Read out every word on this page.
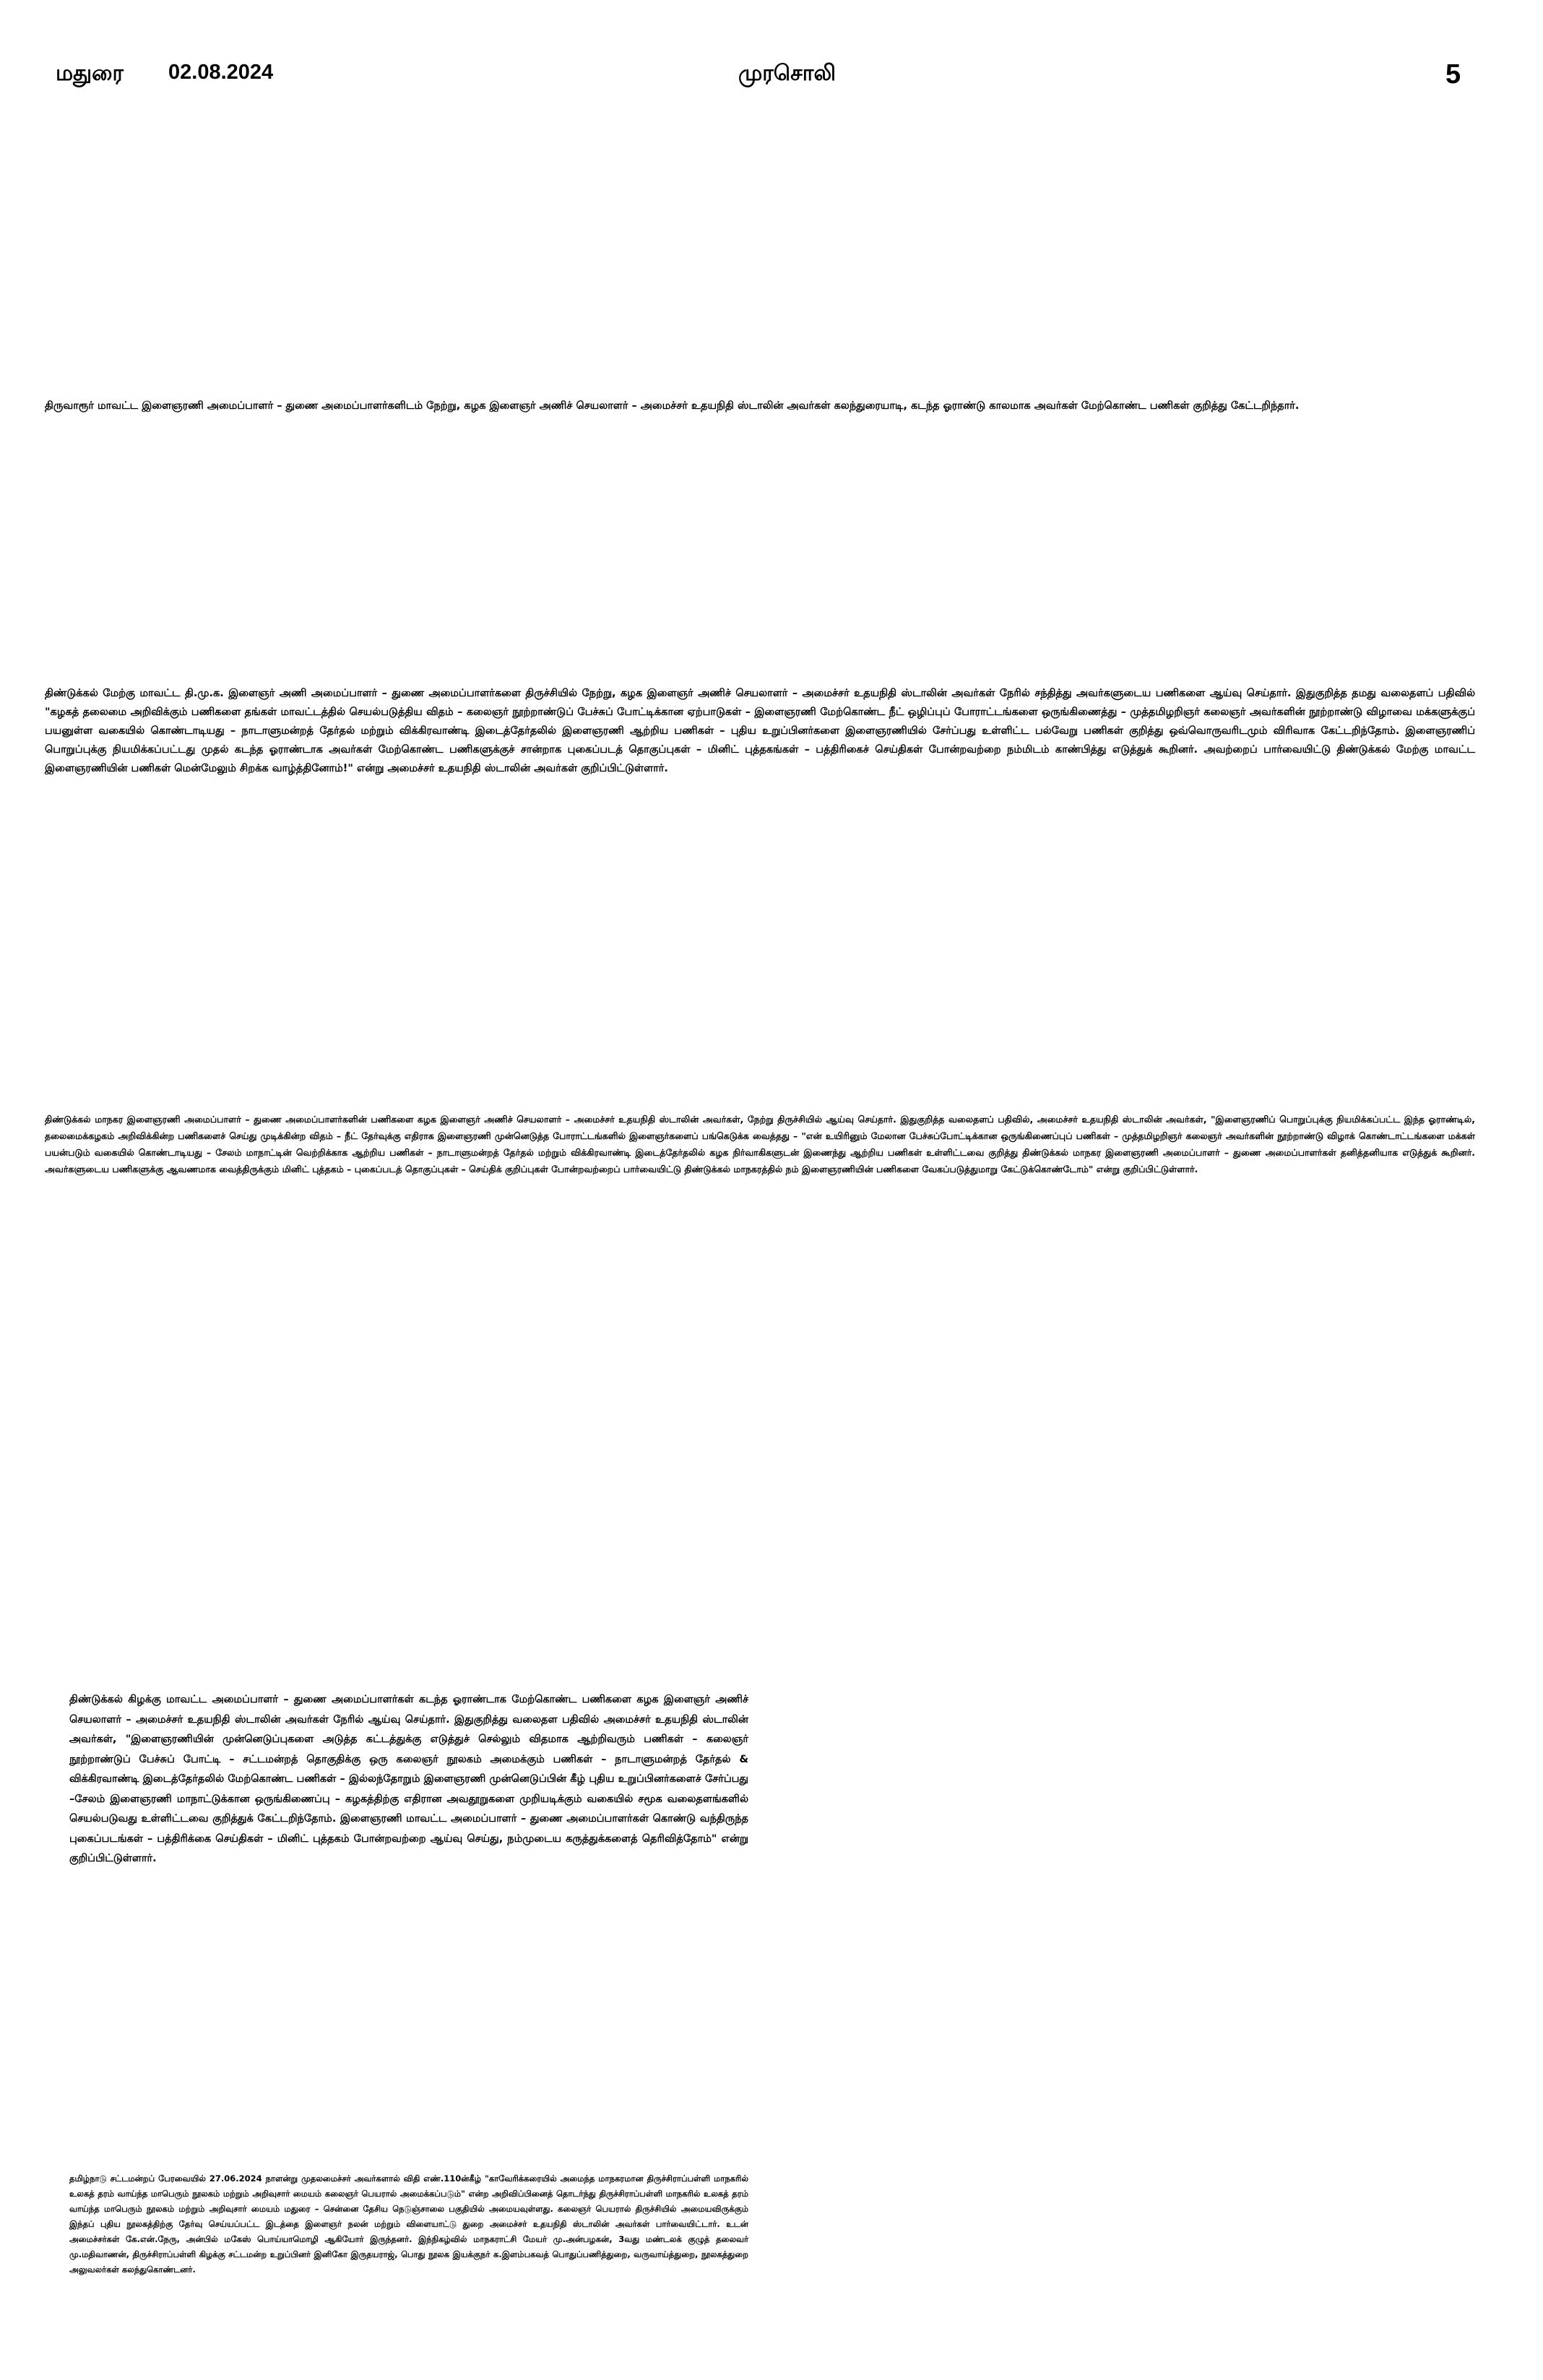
மதுரை 02.08.2024	முரசொலி	5
திருவாரூர் மாவட்ட இளைஞரணி அமைப்பாளர் – துணை அமைப்பாளர்களிடம் நேற்று, கழக இளைஞர் அணிச் செயலாளர் – அமைச்சர் உதயநிதி ஸ்டாலின் அவர்கள் கலந்துரையாடி, கடந்த ஓராண்டு காலமாக அவர்கள் மேற்கொண்ட பணிகள் குறித்து கேட்டறிந்தார்.
திண்டுக்கல் மேற்கு மாவட்ட தி.மு.க. இளைஞர் அணி அமைப்பாளர் – துணை அமைப்பாளர்களை திருச்சியில் நேற்று, கழக இளைஞர் அணிச் செயலாளர் – அமைச்சர் உதயநிதி ஸ்டாலின் அவர்கள் நேரில் சந்தித்து அவர்களுடைய பணிகளை ஆய்வு செய்தார். இதுகுறித்த தமது வலைதளப் பதிவில் "கழகத் தலைமை அறிவிக்கும் பணிகளை தங்கள் மாவட்டத்தில் செயல்படுத்திய விதம் – கலைஞர் நூற்றாண்டுப் பேச்சுப் போட்டிக்கான ஏற்பாடுகள் – இளைஞரணி மேற்கொண்ட நீட் ஒழிப்புப் போராட்டங்களை ஒருங்கிணைத்து – முத்தமிழறிஞர் கலைஞர் அவர்களின் நூற்றாண்டு விழாவை மக்களுக்குப் பயனுள்ள வகையில் கொண்டாடியது – நாடாளுமன்றத் தேர்தல் மற்றும் விக்கிரவாண்டி இடைத்தேர்தலில் இளைஞரணி ஆற்றிய பணிகள் – புதிய உறுப்பினர்களை இளைஞரணியில் சேர்ப்பது உள்ளிட்ட பல்வேறு பணிகள் குறித்து ஒவ்வொருவரிடமும் விரிவாக கேட்டறிந்தோம். இளைஞரணிப் பொறுப்புக்கு நியமிக்கப்பட்டது முதல் கடந்த ஓராண்டாக அவர்கள் மேற்கொண்ட பணிகளுக்குச் சான்றாக புகைப்படத் தொகுப்புகள் – மினிட் புத்தகங்கள் – பத்திரிகைச் செய்திகள் போன்றவற்றை நம்மிடம் காண்பித்து எடுத்துக் கூறினர். அவற்றைப் பார்வையிட்டு திண்டுக்கல் மேற்கு மாவட்ட இளைஞரணியின் பணிகள் மென்மேலும் சிறக்க வாழ்த்தினோம்!" என்று அமைச்சர் உதயநிதி ஸ்டாலின் அவர்கள் குறிப்பிட்டுள்ளார்.
திண்டுக்கல் மாநகர இளைஞரணி அமைப்பாளர் – துணை அமைப்பாளர்களின் பணிகளை கழக இளைஞர் அணிச் செயலாளர் – அமைச்சர் உதயநிதி ஸ்டாலின் அவர்கள், நேற்று திருச்சியில் ஆய்வு செய்தார். இதுகுறித்த வலைதளப் பதிவில், அமைச்சர் உதயநிதி ஸ்டாலின் அவர்கள், "இளைஞரணிப் பொறுப்புக்கு நியமிக்கப்பட்ட இந்த ஓராண்டில், தலைமைக்கழகம் அறிவிக்கின்ற பணிகளைச் செய்து முடிக்கின்ற விதம் – நீட் தேர்வுக்கு எதிராக இளைஞரணி முன்னெடுத்த போராட்டங்களில் இளைஞர்களைப் பங்கெடுக்க வைத்தது – "என் உயிரினும் மேலான பேச்சுப்போட்டிக்கான ஒருங்கிணைப்புப் பணிகள் – முத்தமிழறிஞர் கலைஞர் அவர்களின் நூற்றாண்டு விழாக் கொண்டாட்டங்களை மக்கள் பயன்படும் வகையில் கொண்டாடியது – சேலம் மாநாட்டின் வெற்றிக்காக ஆற்றிய பணிகள் – நாடாளுமன்றத் தேர்தல் மற்றும் விக்கிரவாண்டி இடைத்தேர்தலில் கழக நிர்வாகிகளுடன் இணைந்து ஆற்றிய பணிகள் உள்ளிட்டவை குறித்து திண்டுக்கல் மாநகர இளைஞரணி அமைப்பாளர் – துணை அமைப்பாளர்கள் தனித்தனியாக எடுத்துக் கூறினர். அவர்களுடைய பணிகளுக்கு ஆவணமாக வைத்திருக்கும் மினிட் புத்தகம் – புகைப்படத் தொகுப்புகள் – செய்திக் குறிப்புகள் போன்றவற்றைப் பார்வையிட்டு திண்டுக்கல் மாநகரத்தில் நம் இளைஞரணியின் பணிகளை வேகப்படுத்துமாறு கேட்டுக்கொண்டோம்" என்று குறிப்பிட்டுள்ளார்.
திண்டுக்கல் கிழக்கு மாவட்ட அமைப்பாளர் – துணை அமைப்பாளர்கள் கடந்த ஓராண்டாக மேற்கொண்ட பணிகளை கழக இளைஞர் அணிச் செயலாளர் – அமைச்சர் உதயநிதி ஸ்டாலின் அவர்கள் நேரில் ஆய்வு செய்தார். இதுகுறித்து வலைதள பதிவில் அமைச்சர் உதயநிதி ஸ்டாலின் அவர்கள், "இளைஞரணியின் முன்னெடுப்புகளை அடுத்த கட்டத்துக்கு எடுத்துச் செல்லும் விதமாக ஆற்றிவரும் பணிகள் – கலைஞர் நூற்றாண்டுப் பேச்சுப் போட்டி – சட்டமன்றத் தொகுதிக்கு ஒரு கலைஞர் நூலகம் அமைக்கும் பணிகள் – நாடாளுமன்றத் தேர்தல் & விக்கிரவாண்டி இடைத்தேர்தலில் மேற்கொண்ட பணிகள் – இல்லந்தோறும் இளைஞரணி முன்னெடுப்பின் கீழ் புதிய உறுப்பினர்களைச் சேர்ப்பது –சேலம் இளைஞரணி மாநாட்டுக்கான ஒருங்கிணைப்பு – கழகத்திற்கு எதிரான அவதூறுகளை முறியடிக்கும் வகையில் சமூக வலைதளங்களில் செயல்படுவது உள்ளிட்டவை குறித்துக் கேட்டறிந்தோம். இளைஞரணி மாவட்ட அமைப்பாளர் – துணை அமைப்பாளர்கள் கொண்டு வந்திருந்த புகைப்படங்கள் – பத்திரிக்கை செய்திகள் – மினிட் புத்தகம் போன்றவற்றை ஆய்வு செய்து, நம்முடைய கருத்துக்களைத் தெரிவித்தோம்" என்று குறிப்பிட்டுள்ளார்.
தமிழ்நாடு சட்டமன்றப் பேரவையில் 27.06.2024 நாளன்று முதலமைச்சர் அவர்களால் விதி எண்.110ன்கீழ் "காவேரிக்கரையில் அமைந்த மாநகரமான திருச்சிராப்பள்ளி மாநகரில் உலகத் தரம் வாய்ந்த மாபெரும் நூலகம் மற்றும் அறிவுசார் மையம் கலைஞர் பெயரால் அமைக்கப்படும்" என்ற அறிவிப்பினைத் தொடர்ந்து திருச்சிராப்பள்ளி மாநகரில் உலகத் தரம் வாய்ந்த மாபெரும் நூலகம் மற்றும் அறிவுசார் மையம் மதுரை – சென்னை தேசிய நெடுஞ்சாலை பகுதியில் அமையவுள்ளது. கலைஞர் பெயரால் திருச்சியில் அமையவிருக்கும் இந்தப் புதிய நூலகத்திற்கு தேர்வு செய்யப்பட்ட இடத்தை இளைஞர் நலன் மற்றும் விளையாட்டு துறை அமைச்சர் உதயநிதி ஸ்டாலின் அவர்கள் பார்வையிட்டார். உடன் அமைச்சர்கள் கே.என்.நேரு, அன்பில் மகேஸ் பொய்யாமொழி ஆகியோர் இருந்தனர். இந்நிகழ்வில் மாநகராட்சி மேயர் மு.அன்பழகன், 3வது மண்டலக் குழுத் தலைவர் மு.மதிவாணன், திருச்சிராப்பள்ளி கிழக்கு சட்டமன்ற உறுப்பினர் இனிகோ இருதயராஜ், பொது நூலக இயக்குநர் க.இளம்பகவத் பொதுப்பணித்துறை, வருவாய்த்துறை, நூலகத்துறை அலுவலர்கள் கலந்துகொண்டனர்.
